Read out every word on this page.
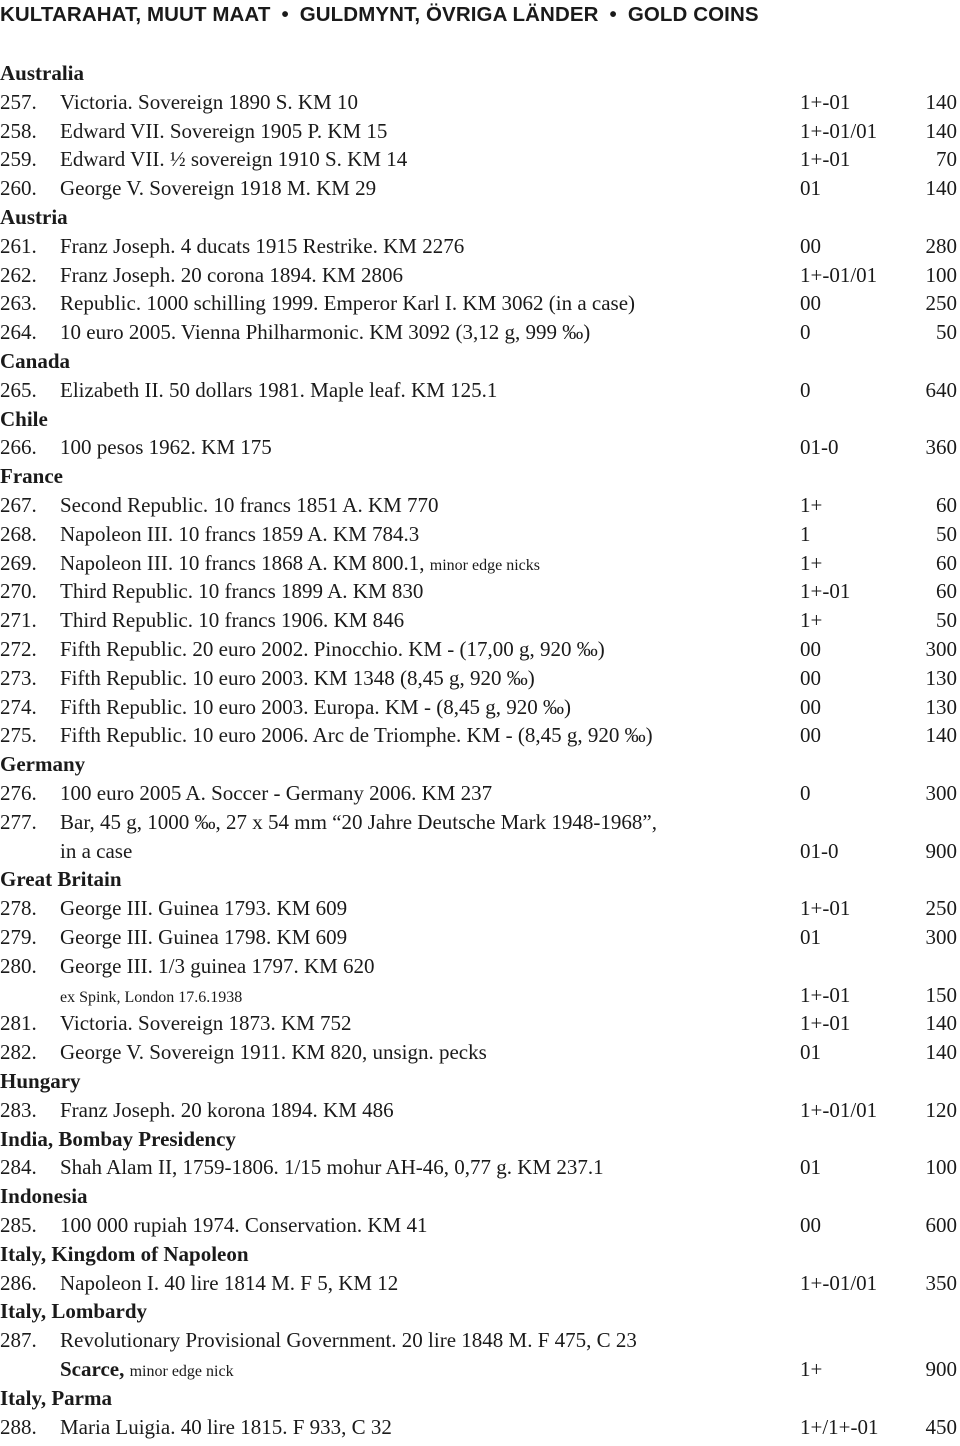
KULTARAHAT, MUUT MAAT • GULDMYNT, ÖVRIGA LÄNDER • GOLD COINS
Australia
257. Victoria. Sovereign 1890 S. KM 10	1+-01	140
258. Edward VII. Sovereign 1905 P. KM 15	1+-01/01 140
259. Edward VII. ½ sovereign 1910 S. KM 14	1+-01	70
260. George V. Sovereign 1918 M. KM 29	01	140
Austria
261. Franz Joseph. 4 ducats 1915 Restrike. KM 2276	00	280
262. Franz Joseph. 20 corona 1894. KM 2806	1+-01/01 100
263. Republic. 1000 schilling 1999. Emperor Karl I. KM 3062 (in a case)	00	250
264. 10 euro 2005. Vienna Philharmonic. KM 3092 (3,12 g, 999 ‰)	0	50
Canada
265. Elizabeth II. 50 dollars 1981. Maple leaf. KM 125.1	0	640
Chile
266. 100 pesos 1962. KM 175	01-0	360
France
267. Second Republic. 10 francs 1851 A. KM 770	1+	60
268. Napoleon III. 10 francs 1859 A. KM 784.3	1	50
269. Napoleon III. 10 francs 1868 A. KM 800.1, minor edge nicks	1+	60
270. Third Republic. 10 francs 1899 A. KM 830	1+-01	60
271. Third Republic. 10 francs 1906. KM 846	1+	50
272. Fifth Republic. 20 euro 2002. Pinocchio. KM - (17,00 g, 920 ‰)	00	300
273. Fifth Republic. 10 euro 2003. KM 1348 (8,45 g, 920 ‰)	00	130
274. Fifth Republic. 10 euro 2003. Europa. KM - (8,45 g, 920 ‰)	00	130
275. Fifth Republic. 10 euro 2006. Arc de Triomphe. KM - (8,45 g, 920 ‰)	00	140
Germany
276. 100 euro 2005 A. Soccer - Germany 2006. KM 237	0	300
277. Bar, 45 g, 1000 ‰, 27 x 54 mm “20 Jahre Deutsche Mark 1948-1968”,
in a case	01-0	900
Great Britain
278. George III. Guinea 1793. KM 609	1+-01	250
279. George III. Guinea 1798. KM 609	01	300
280. George III. 1/3 guinea 1797. KM 620
ex Spink, London 17.6.1938	1+-01	150
281. Victoria. Sovereign 1873. KM 752	1+-01	140
282. George V. Sovereign 1911. KM 820, unsign. pecks	01	140
Hungary
283. Franz Joseph. 20 korona 1894. KM 486	1+-01/01 120
India, Bombay Presidency
284. Shah Alam II, 1759-1806. 1/15 mohur AH-46, 0,77 g. KM 237.1	01	100
Indonesia
285. 100 000 rupiah 1974. Conservation. KM 41	00	600
Italy, Kingdom of Napoleon
286. Napoleon I. 40 lire 1814 M. F 5, KM 12	1+-01/01 350
Italy, Lombardy
287. Revolutionary Provisional Government. 20 lire 1848 M. F 475, C 23
Scarce, minor edge nick	1+	900
Italy, Parma
288. Maria Luigia. 40 lire 1815. F 933, C 32	1+/1+-01 450
